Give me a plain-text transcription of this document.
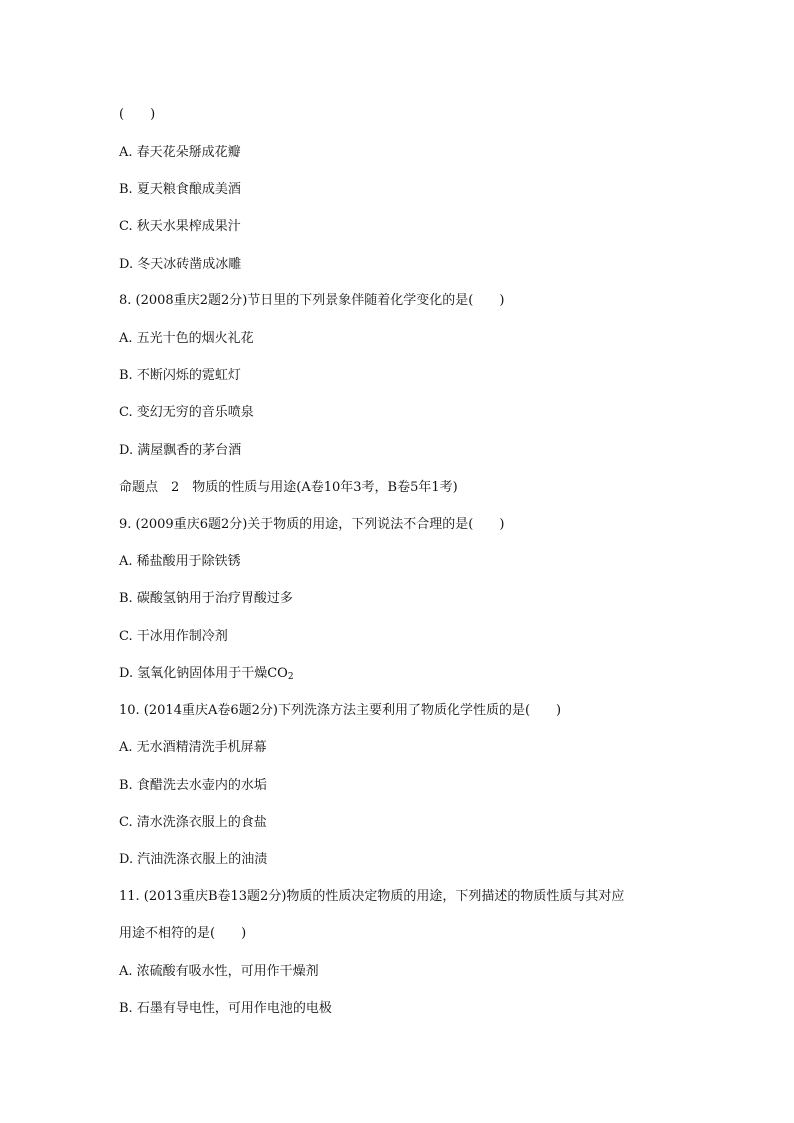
(　　)
A. 春天花朵掰成花瓣
B. 夏天粮食酿成美酒
C. 秋天水果榨成果汁
D. 冬天冰砖凿成冰雕
8. (2008重庆2题2分)节日里的下列景象伴随着化学变化的是(　　)
A. 五光十色的烟火礼花
B. 不断闪烁的霓虹灯
C. 变幻无穷的音乐喷泉
D. 满屋飘香的茅台酒
命题点　2　物质的性质与用途(A卷10年3考，B卷5年1考)
9. (2009重庆6题2分)关于物质的用途，下列说法不合理的是(　　)
A. 稀盐酸用于除铁锈
B. 碳酸氢钠用于治疗胃酸过多
C. 干冰用作制冷剂
D. 氢氧化钠固体用于干燥$CO_2$
10. (2014重庆A卷6题2分)下列洗涤方法主要利用了物质化学性质的是(　　)
A. 无水酒精清洗手机屏幕
B. 食醋洗去水壶内的水垢
C. 清水洗涤衣服上的食盐
D. 汽油洗涤衣服上的油渍
11. (2013重庆B卷13题2分)物质的性质决定物质的用途，下列描述的物质性质与其对应
用途不相符的是(　　)
A. 浓硫酸有吸水性，可用作干燥剂
B. 石墨有导电性，可用作电池的电极
